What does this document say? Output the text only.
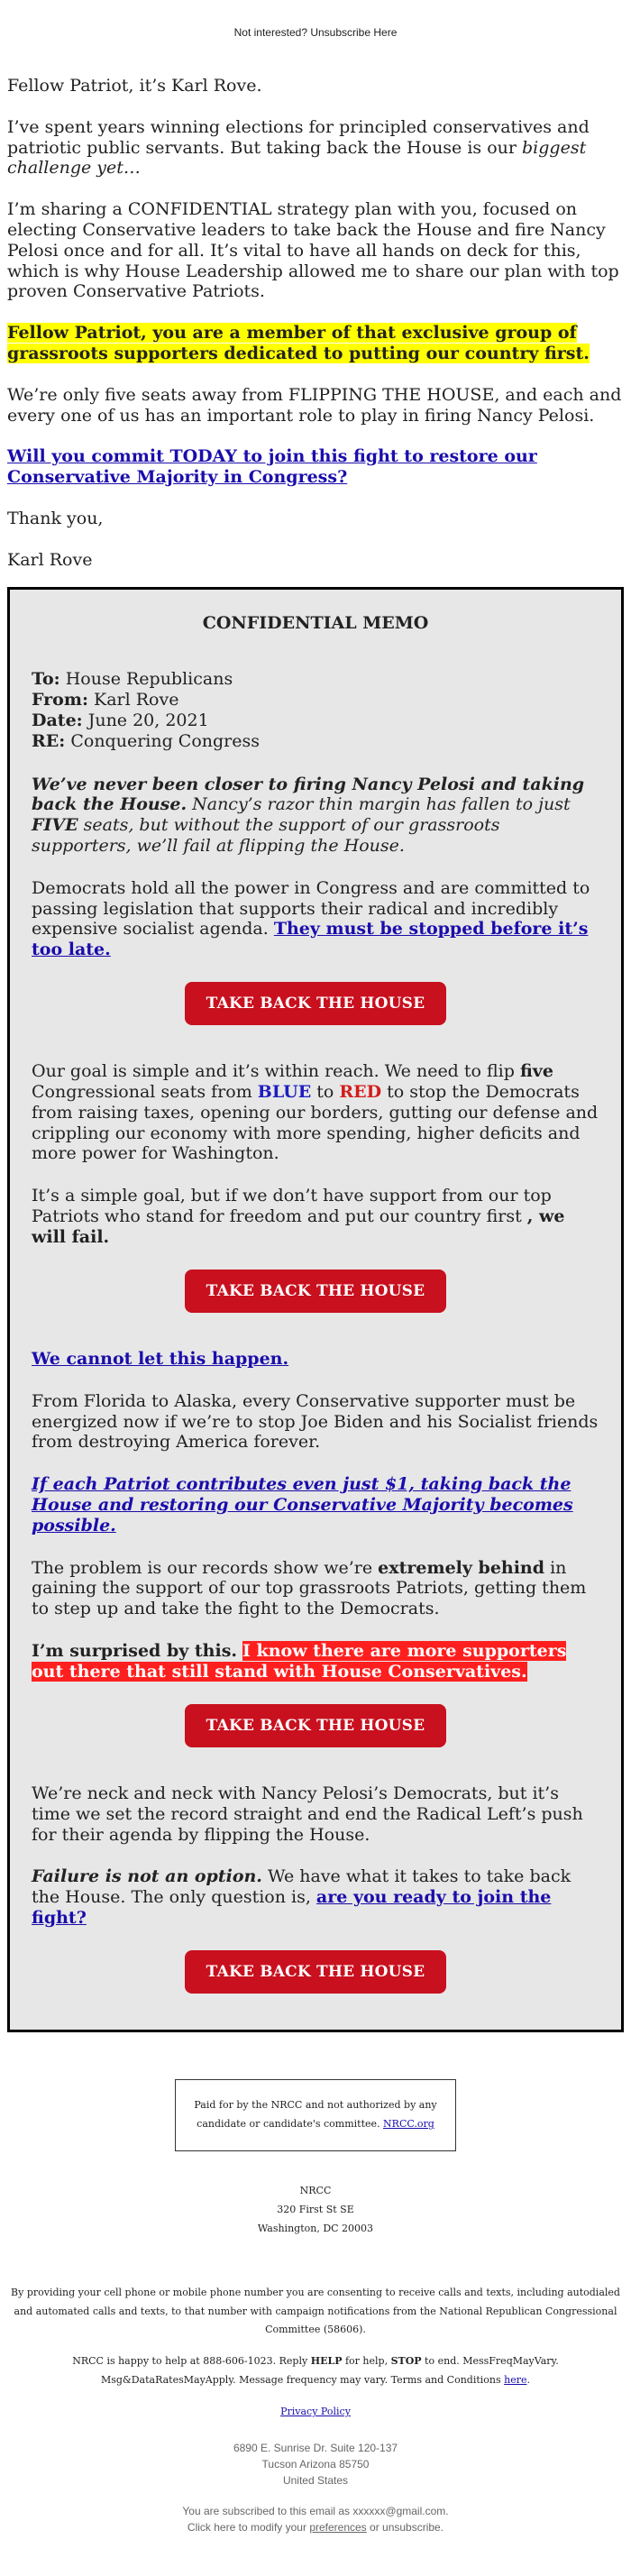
Not interested? Unsubscribe Here

Fellow Patriot, it’s Karl Rove.

I’ve spent years winning elections for principled conservatives and patriotic public servants. But taking back the House is our biggest challenge yet…

I’m sharing a CONFIDENTIAL strategy plan with you, focused on electing Conservative leaders to take back the House and fire Nancy Pelosi once and for all. It’s vital to have all hands on deck for this, which is why House Leadership allowed me to share our plan with top proven Conservative Patriots.

Fellow Patriot, you are a member of that exclusive group of grassroots supporters dedicated to putting our country first.

We’re only five seats away from FLIPPING THE HOUSE, and each and every one of us has an important role to play in firing Nancy Pelosi.

Will you commit TODAY to join this fight to restore our Conservative Majority in Congress?

Thank you,

Karl Rove

CONFIDENTIAL MEMO
To: House Republicans
From: Karl Rove
Date: June 20, 2021
RE: Conquering Congress

We’ve never been closer to firing Nancy Pelosi and taking back the House. Nancy’s razor thin margin has fallen to just FIVE seats, but without the support of our grassroots supporters, we’ll fail at flipping the House.

Democrats hold all the power in Congress and are committed to passing legislation that supports their radical and incredibly expensive socialist agenda. They must be stopped before it’s too late.

TAKE BACK THE HOUSE

Our goal is simple and it’s within reach. We need to flip five Congressional seats from BLUE to RED to stop the Democrats from raising taxes, opening our borders, gutting our defense and crippling our economy with more spending, higher deficits and more power for Washington.

It’s a simple goal, but if we don’t have support from our top Patriots who stand for freedom and put our country first , we will fail.

TAKE BACK THE HOUSE

We cannot let this happen.

From Florida to Alaska, every Conservative supporter must be energized now if we’re to stop Joe Biden and his Socialist friends from destroying America forever.

If each Patriot contributes even just $1, taking back the House and restoring our Conservative Majority becomes possible.

The problem is our records show we’re extremely behind in gaining the support of our top grassroots Patriots, getting them to step up and take the fight to the Democrats.

I’m surprised by this. I know there are more supporters out there that still stand with House Conservatives.

TAKE BACK THE HOUSE

We’re neck and neck with Nancy Pelosi’s Democrats, but it’s time we set the record straight and end the Radical Left’s push for their agenda by flipping the House.

Failure is not an option. We have what it takes to take back the House. The only question is, are you ready to join the fight?

TAKE BACK THE HOUSE
Paid for by the NRCC and not authorized by any candidate or candidate's committee. NRCC.org
NRCC
320 First St SE
Washington, DC 20003

By providing your cell phone or mobile phone number you are consenting to receive calls and texts, including autodialed and automated calls and texts, to that number with campaign notifications from the National Republican Congressional Committee (58606).

NRCC is happy to help at 888-606-1023. Reply HELP for help, STOP to end. MessFreqMayVary. Msg&DataRatesMayApply. Message frequency may vary. Terms and Conditions here.

Privacy Policy

6890 E. Sunrise Dr. Suite 120-137
Tucson Arizona 85750
United States

You are subscribed to this email as xxxxxx@gmail.com.
Click here to modify your preferences or unsubscribe.
